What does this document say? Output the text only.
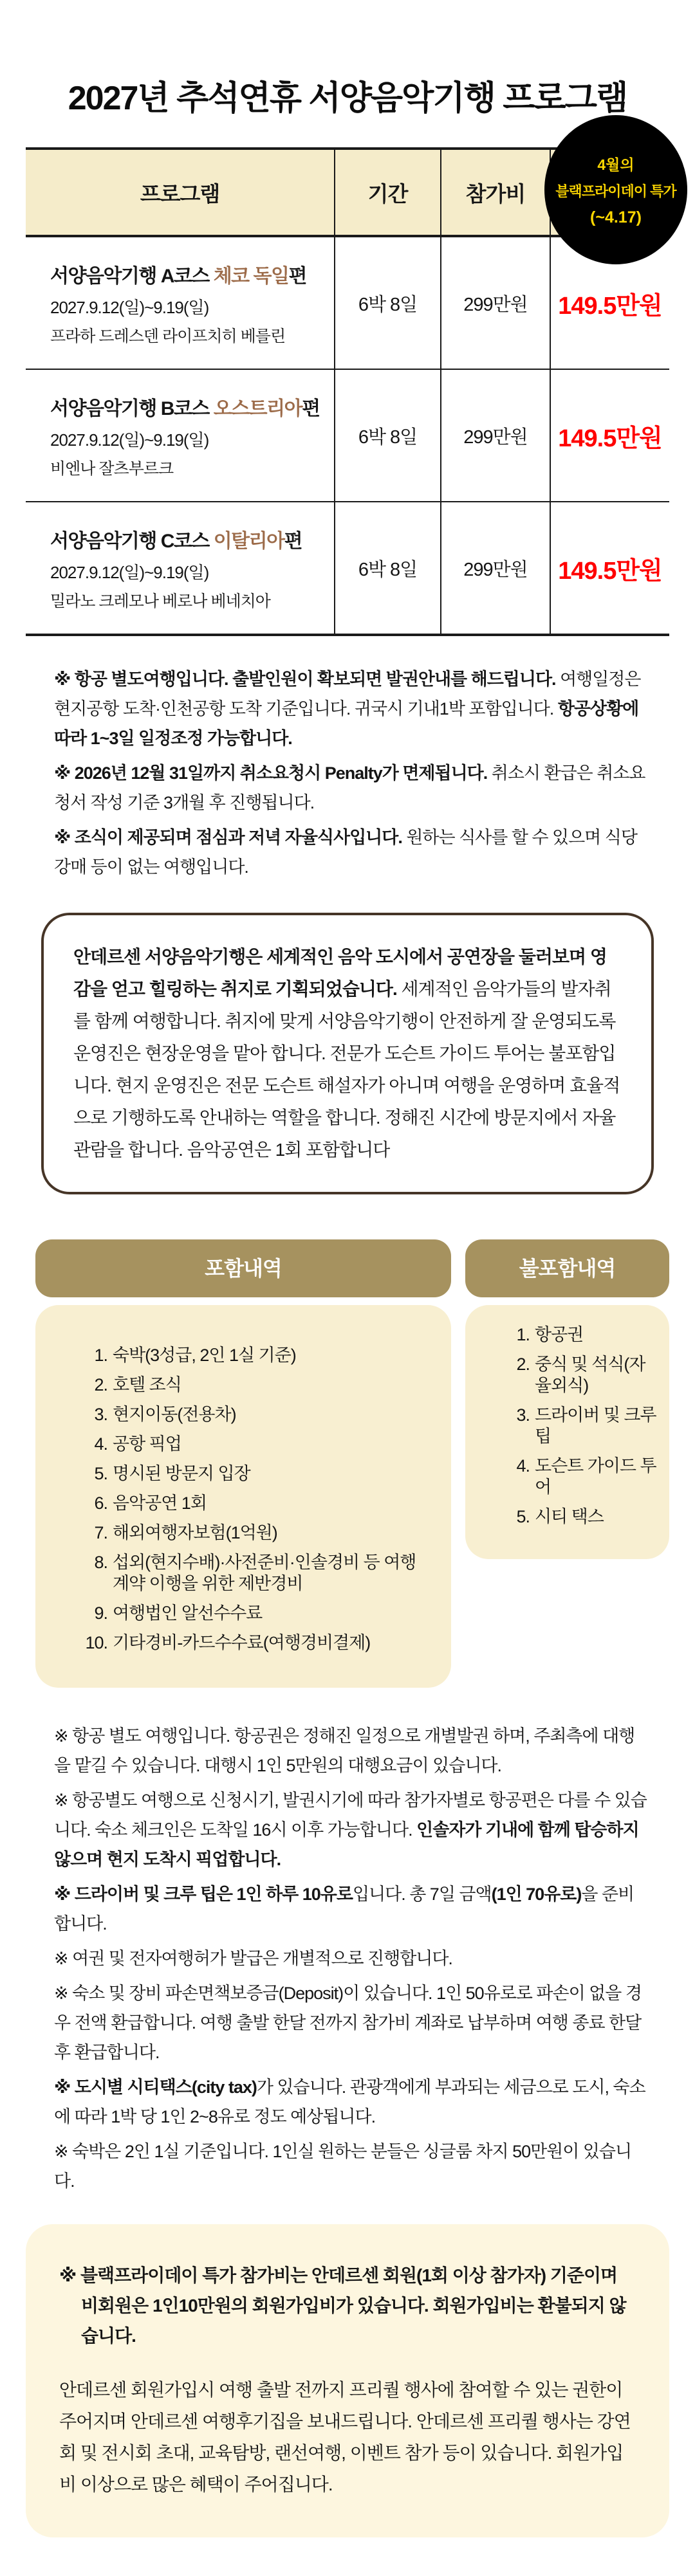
2027년 추석연휴 서양음악기행 프로그램
4월의
블랙프라이데이 특가
(~4.17)
프로그램	기간	참가비	

서양음악기행 A코스 체코 독일편
2027.9.12(일)~9.19(일)
프라하 드레스덴 라이프치히 베를린	6박 8일	299만원	149.5만원

서양음악기행 B코스 오스트리아편
2027.9.12(일)~9.19(일)
비엔나 잘츠부르크	6박 8일	299만원	149.5만원

서양음악기행 C코스 이탈리아편
2027.9.12(일)~9.19(일)
밀라노 크레모나 베로나 베네치아	6박 8일	299만원	149.5만원

※ 항공 별도여행입니다. 출발인원이 확보되면 발권안내를 해드립니다. 여행일정은 현지공항 도착·인천공항 도착 기준입니다. 귀국시 기내1박 포함입니다. 항공상황에 따라 1~3일 일정조정 가능합니다.

※ 2026년 12월 31일까지 취소요청시 Penalty가 면제됩니다. 취소시 환급은 취소요청서 작성 기준 3개월 후 진행됩니다.

※ 조식이 제공되며 점심과 저녁 자율식사입니다. 원하는 식사를 할 수 있으며 식당 강매 등이 없는 여행입니다.

안데르센 서양음악기행은 세계적인 음악 도시에서 공연장을 둘러보며 영감을 얻고 힐링하는 취지로 기획되었습니다. 세계적인 음악가들의 발자취를 함께 여행합니다. 취지에 맞게 서양음악기행이 안전하게 잘 운영되도록 운영진은 현장운영을 맡아 합니다. 전문가 도슨트 가이드 투어는 불포함입니다. 현지 운영진은 전문 도슨트 해설자가 아니며 여행을 운영하며 효율적으로 기행하도록 안내하는 역할을 합니다. 정해진 시간에 방문지에서 자율관람을 합니다. 음악공연은 1회 포함합니다

포함내역	불포함내역
숙박(3성급, 2인 1실 기준)
호텔 조식
현지이동(전용차)
공항 픽업
명시된 방문지 입장
음악공연 1회
해외여행자보험(1억원)
섭외(현지수배)·사전준비·인솔경비 등 여행계약 이행을 위한 제반경비
여행법인 알선수수료
기타경비-카드수수료(여행경비결제)
항공권
중식 및 석식(자율외식)
드라이버 및 크루 팁
도슨트 가이드 투어
시티 택스

※ 항공 별도 여행입니다. 항공권은 정해진 일정으로 개별발권 하며, 주최측에 대행을 맡길 수 있습니다. 대행시 1인 5만원의 대행요금이 있습니다.

※ 항공별도 여행으로 신청시기, 발권시기에 따라 참가자별로 항공편은 다를 수 있습니다. 숙소 체크인은 도착일 16시 이후 가능합니다. 인솔자가 기내에 함께 탑승하지 않으며 현지 도착시 픽업합니다.

※ 드라이버 및 크루 팁은 1인 하루 10유로입니다. 총 7일 금액(1인 70유로)을 준비합니다.

※ 여권 및 전자여행허가 발급은 개별적으로 진행합니다.

※ 숙소 및 장비 파손면책보증금(Deposit)이 있습니다. 1인 50유로로 파손이 없을 경우 전액 환급합니다. 여행 출발 한달 전까지 참가비 계좌로 납부하며 여행 종료 한달 후 환급합니다.

※ 도시별 시티택스(city tax)가 있습니다. 관광객에게 부과되는 세금으로 도시, 숙소에 따라 1박 당 1인 2~8유로 정도 예상됩니다.

※ 숙박은 2인 1실 기준입니다. 1인실 원하는 분들은 싱글룸 차지 50만원이 있습니다.

※ 블랙프라이데이 특가 참가비는 안데르센 회원(1회 이상 참가자) 기준이며
비회원은 1인10만원의 회원가입비가 있습니다. 회원가입비는 환불되지 않습니다.
안데르센 회원가입시 여행 출발 전까지 프리퀄 행사에 참여할 수 있는 권한이 주어지며 안데르센 여행후기집을 보내드립니다. 안데르센 프리퀄 행사는 강연회 및 전시회 초대, 교육탐방, 랜선여행, 이벤트 참가 등이 있습니다. 회원가입비 이상으로 많은 혜택이 주어집니다.
